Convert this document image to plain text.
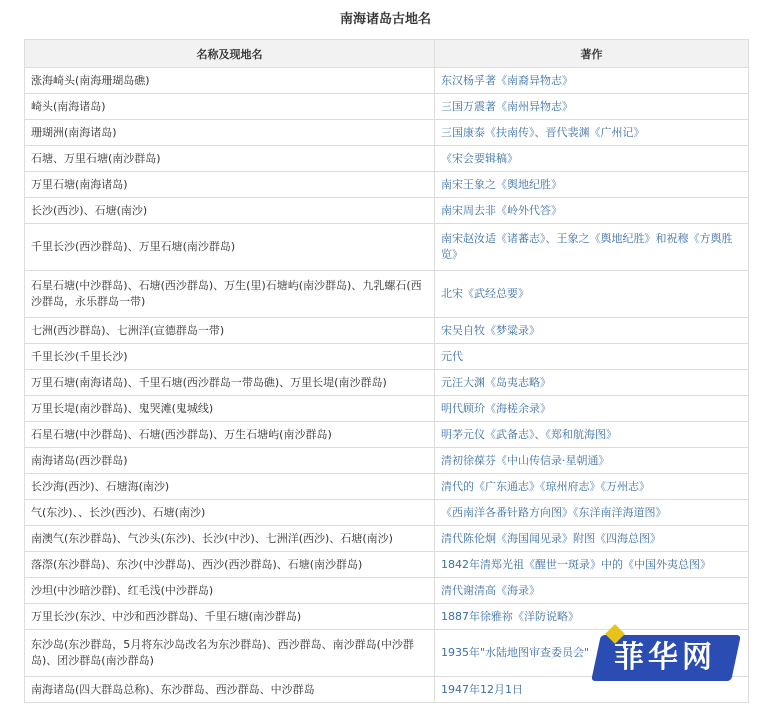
南海诸岛古地名
名称及现地名	著作
涨海崎头(南海珊瑚岛礁)	东汉杨孚著《南裔异物志》
崎头(南海诸岛)	三国万震著《南州异物志》
珊瑚洲(南海诸岛)	三国康泰《扶南传》、晋代裴渊《广州记》
石塘、万里石塘(南沙群岛)	《宋会要辑稿》
万里石塘(南海诸岛)	南宋王象之《舆地纪胜》
长沙(西沙)、石塘(南沙)	南宋周去非《岭外代答》
千里长沙(西沙群岛)、万里石塘(南沙群岛)	南宋赵汝适《诸蕃志》、王象之《舆地纪胜》和祝穆《方舆胜览》
石星石塘(中沙群岛)、石塘(西沙群岛)、万生(里)石塘屿(南沙群岛)、九乳螺石(西沙群岛，永乐群岛一带)	北宋《武经总要》
七洲(西沙群岛)、七洲洋(宣德群岛一带)	宋吴自牧《梦粱录》
千里长沙(千里长沙)	元代
万里石塘(南海诸岛)、千里石塘(西沙群岛一带岛礁)、万里长堤(南沙群岛)	元汪大渊《岛夷志略》
万里长堤(南沙群岛)、鬼哭滩(鬼城线)	明代顾玠《海槎余录》
石星石塘(中沙群岛)、石塘(西沙群岛)、万生石塘屿(南沙群岛)	明茅元仪《武备志》、《郑和航海图》
南海诸岛(西沙群岛)	清初徐葆芬《中山传信录·星朝通》
长沙海(西沙)、石塘海(南沙)	清代的《广东通志》《琼州府志》《万州志》
气(东沙)、、长沙(西沙)、石塘(南沙)	《西南洋各番针路方向图》《东洋南洋海道图》
南澳气(东沙群岛)、气沙头(东沙)、长沙(中沙)、七洲洋(西沙)、石塘(南沙)	清代陈伦炯《海国闻见录》附图《四海总图》
落漈(东沙群岛)、东沙(中沙群岛)、西沙(西沙群岛)、石塘(南沙群岛)	1842年清郑光祖《醒世一斑录》中的《中国外夷总图》
沙坦(中沙暗沙群)、红毛浅(中沙群岛)	清代谢清高《海录》
万里长沙(东沙、中沙和西沙群岛)、千里石塘(南沙群岛)	1887年徐雅祢《洋防说略》
东沙岛(东沙群岛，5月将东沙岛改名为东沙群岛)、西沙群岛、南沙群岛(中沙群岛)、团沙群岛(南沙群岛)	1935年"水陆地图审查委员会"
南海诸岛(四大群岛总称)、东沙群岛、西沙群岛、中沙群岛	1947年12月1日
菲华网
